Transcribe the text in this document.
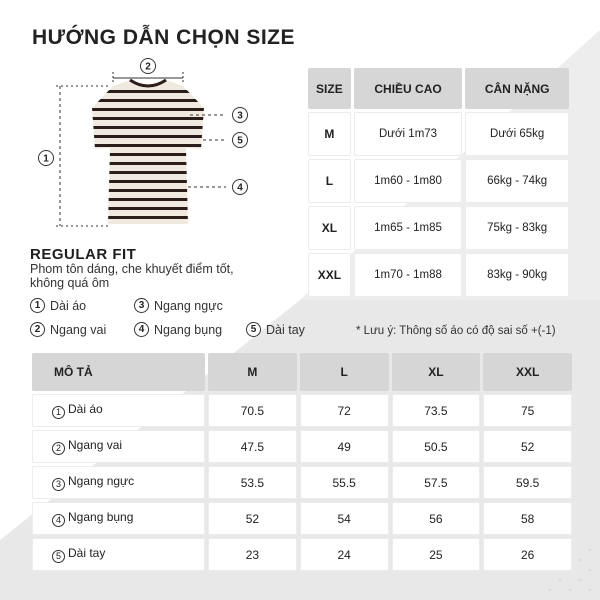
HƯỚNG DẪN CHỌN SIZE
1
2
3
5
4
SIZE	CHIỀU CAO	CÂN NẶNG
M	Dưới 1m73	Dưới 65kg
L	1m60 - 1m80	66kg - 74kg
XL	1m65 - 1m85	75kg - 83kg
XXL	1m70 - 1m88	83kg - 90kg
REGULAR FIT
Phom tôn dáng, che khuyết điểm tốt, không quá ôm
1 Dài áo
2 Ngang vai
3 Ngang ngực
4 Ngang bụng	5 Dài tay	* Lưu ý: Thông số áo có độ sai số +(-1)
MÔ TẢ	M	L	XL	XXL
1 Dài áo	70.5	72	73.5	75
2 Ngang vai	47.5	49	50.5	52
3 Ngang ngực	53.5	55.5	57.5	59.5
4 Ngang bụng	52	54	56	58
5 Dài tay	23	24	25	26
